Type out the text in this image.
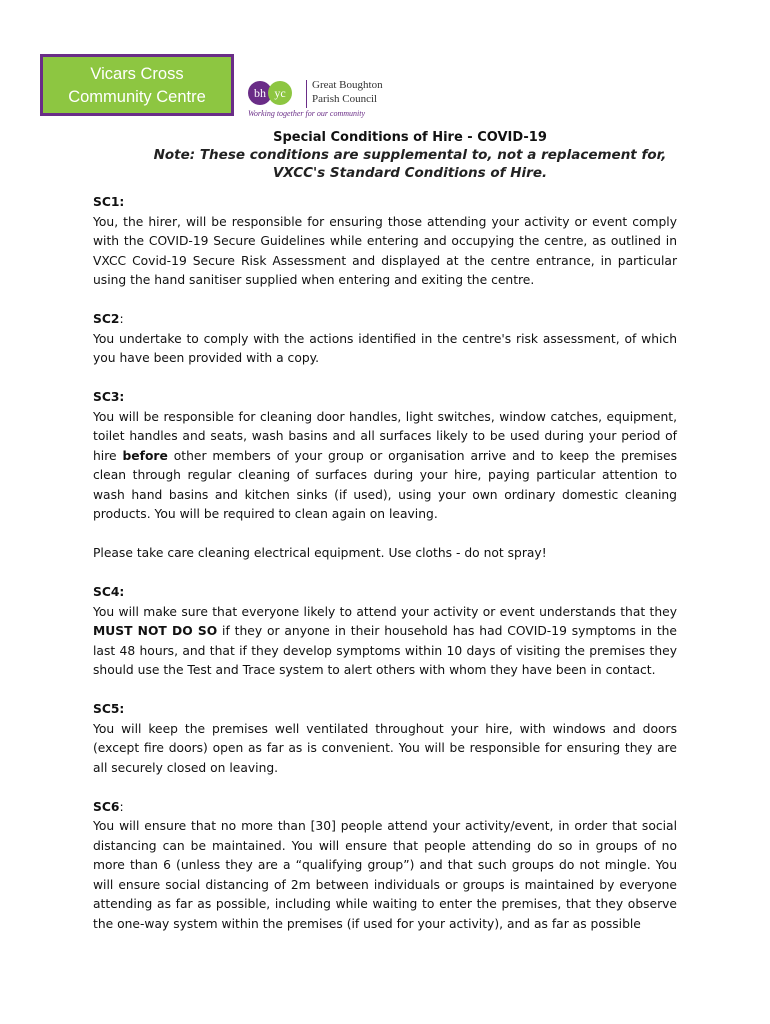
Vicars Cross
Community Centre	bh yc
Great Boughton
Parish Council
Working together for our community
Special Conditions of Hire - COVID-19
Note: These conditions are supplemental to, not a replacement for, VXCC's Standard Conditions of Hire.
SC1:

You, the hirer, will be responsible for ensuring those attending your activity or event comply with the COVID-19 Secure Guidelines while entering and occupying the centre, as outlined in VXCC Covid-19 Secure Risk Assessment and displayed at the centre entrance, in particular using the hand sanitiser supplied when entering and exiting the centre.

SC2:

You undertake to comply with the actions identified in the centre's risk assessment, of which you have been provided with a copy.

SC3:

You will be responsible for cleaning door handles, light switches, window catches, equipment, toilet handles and seats, wash basins and all surfaces likely to be used during your period of hire before other members of your group or organisation arrive and to keep the premises clean through regular cleaning of surfaces during your hire, paying particular attention to wash hand basins and kitchen sinks (if used), using your own ordinary domestic cleaning products. You will be required to clean again on leaving.

Please take care cleaning electrical equipment. Use cloths - do not spray!

SC4:

You will make sure that everyone likely to attend your activity or event understands that they MUST NOT DO SO if they or anyone in their household has had COVID-19 symptoms in the last 48 hours, and that if they develop symptoms within 10 days of visiting the premises they should use the Test and Trace system to alert others with whom they have been in contact.

SC5:

You will keep the premises well ventilated throughout your hire, with windows and doors (except fire doors) open as far as is convenient. You will be responsible for ensuring they are all securely closed on leaving.

SC6:

You will ensure that no more than [30] people attend your activity/event, in order that social distancing can be maintained. You will ensure that people attending do so in groups of no more than 6 (unless they are a “qualifying group”) and that such groups do not mingle. You will ensure social distancing of 2m between individuals or groups is maintained by everyone attending as far as possible, including while waiting to enter the premises, that they observe the one-way system within the premises (if used for your activity), and as far as possible
